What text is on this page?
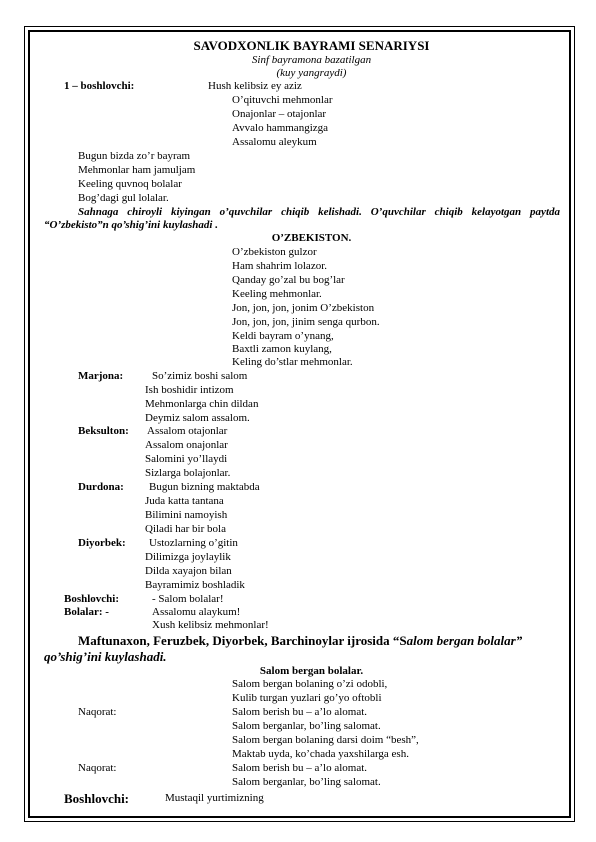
SAVODXONLIK BAYRAMI SENARIYSI
Sinf bayramona bazatilgan
(kuy yangraydi)
1 – boshlovchi:	Hush kelibsiz ey aziz
O’qituvchi mehmonlar
Onajonlar – otajonlar
Avvalo hammangizga
Assalomu aleykum
Bugun bizda zo’r bayram
Mehmonlar ham jamuljam
Keeling quvnoq bolalar
Bog’dagi gul lolalar.
Sahnaga chiroyli kiyingan o’quvchilar chiqib kelishadi. O’quvchilar chiqib kelayotgan paytda
“O’zbekisto”n qo’shig’ini kuylashadi .
O’ZBEKISTON.
O’zbekiston gulzor
Ham shahrim lolazor.
Qanday go’zal bu bog’lar
Keeling mehmonlar.
Jon, jon, jon, jonim O’zbekiston
Jon, jon, jon, jinim senga qurbon.
Keldi bayram o’ynang,
Baxtli zamon kuylang,
Keling do’stlar mehmonlar.
Marjona:	So’zimiz boshi salom
Ish boshidir intizom
Mehmonlarga chin dildan
Deymiz salom assalom.
Beksulton: Assalom otajonlar
Assalom onajonlar
Salomini yo’llaydi
Sizlarga bolajonlar.
Durdona: Bugun bizning maktabda
Juda katta tantana
Bilimini namoyish
Qiladi har bir bola
Diyorbek: Ustozlarning o’gitin
Dilimizga joylaylik
Dilda xayajon bilan
Bayramimiz boshladik
Boshlovchi:	- Salom bolalar!
Bolalar: -	Assalomu alaykum!
Xush kelibsiz mehmonlar!
Maftunaxon, Feruzbek, Diyorbek, Barchinoylar ijrosida “Salom bergan bolalar”
qo’shig’ini kuylashadi.
Salom bergan bolalar.
Salom bergan bolaning o’zi odobli,
Kulib turgan yuzlari go’yo oftobli
Naqorat:	Salom berish bu – a’lo alomat.
Salom berganlar, bo’ling salomat.
Salom bergan bolaning darsi doim “besh”,
Maktab uyda, ko’chada yaxshilarga esh.
Naqorat:	Salom berish bu – a’lo alomat.
Salom berganlar, bo’ling salomat.
Boshlovchi:	Mustaqil yurtimizning
